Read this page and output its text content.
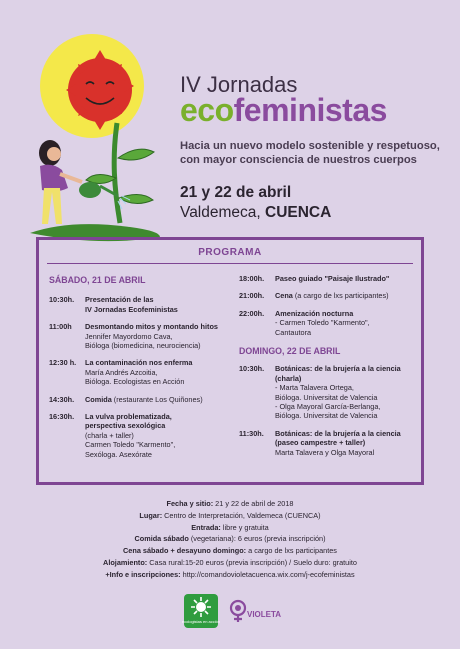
IV Jornadas
ecofeministas
Hacia un nuevo modelo sostenible y respetuoso,
con mayor consciencia de nuestros cuerpos
21 y 22 de abril
Valdemeca, CUENCA
PROGRAMA
SÁBADO, 21 DE ABRIL
10:30h.	Presentación de las
IV Jornadas Ecofeministas
11:00h	Desmontando mitos y montando hitos
Jennifer Mayordomo Cava,
Bióloga (biomedicina, neurociencia)
12:30 h.	La contaminación nos enferma
María Andrés Azcoitia,
Bióloga. Ecologistas en Acción
14:30h.	Comida (restaurante Los Quiñones)
16:30h.	La vulva problematizada,
perspectiva sexológica
(charla + taller)
Carmen Toledo "Karmento",
Sexóloga. Asexórate
18:00h.	Paseo guiado "Paisaje Ilustrado"
21:00h.	Cena (a cargo de lxs participantes)
22:00h.	Amenización nocturna
- Carmen Toledo "Karmento",
Cantautora
DOMINGO, 22 DE ABRIL
10:30h.	Botánicas: de la brujería a la ciencia
(charla)
- Marta Talavera Ortega,
Bióloga. Universitat de Valencia
- Olga Mayoral García-Berlanga,
Bióloga. Universitat de Valencia
11:30h.	Botánicas: de la brujería a la ciencia
(paseo campestre + taller)
Marta Talavera y Olga Mayoral
Fecha y sitio: 21 y 22 de abril de 2018
Lugar: Centro de Interpretación, Valdemeca (CUENCA)
Entrada: libre y gratuita
Comida sábado (vegetariana): 6 euros (previa inscripción)
Cena sábado + desayuno domingo: a cargo de lxs participantes
Alojamiento: Casa rural:15-20 euros (previa inscripción) / Suelo duro: gratuito
+Info e inscripciones: http://comandovioletacuenca.wix.com/j-ecofeministas
ecologistas en acción
VIOLETA
